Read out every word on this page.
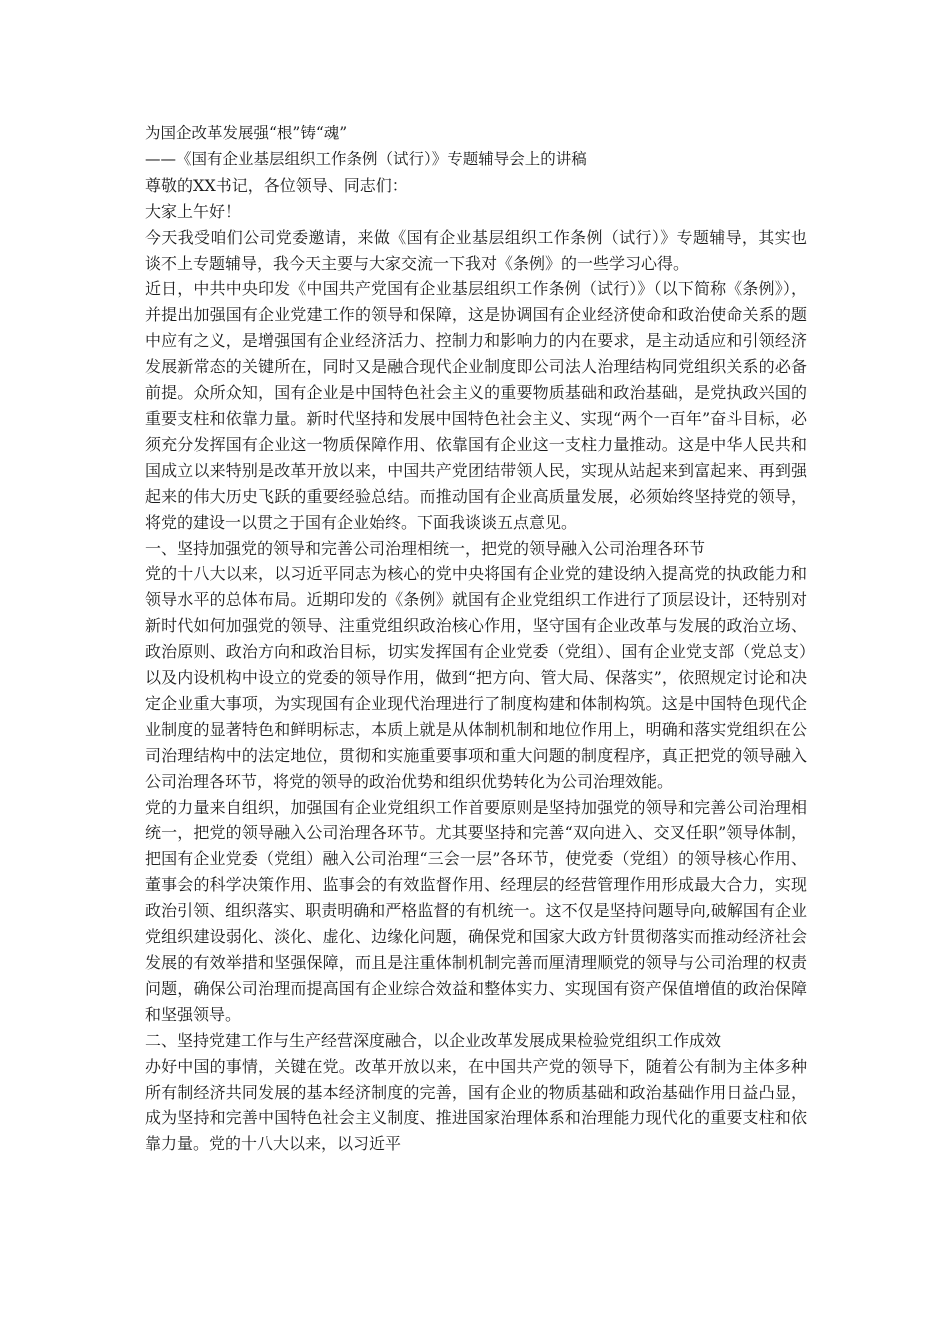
为国企改革发展强“根”铸“魂”

——《国有企业基层组织工作条例（试行）》专题辅导会上的讲稿

尊敬的XX书记，各位领导、同志们：

大家上午好！

今天我受咱们公司党委邀请，来做《国有企业基层组织工作条例（试行）》专题辅导，其实也谈不上专题辅导，我今天主要与大家交流一下我对《条例》的一些学习心得。

近日，中共中央印发《中国共产党国有企业基层组织工作条例（试行）》（以下简称《条例》），并提出加强国有企业党建工作的领导和保障，这是协调国有企业经济使命和政治使命关系的题中应有之义，是增强国有企业经济活力、控制力和影响力的内在要求，是主动适应和引领经济发展新常态的关键所在，同时又是融合现代企业制度即公司法人治理结构同党组织关系的必备前提。众所众知，国有企业是中国特色社会主义的重要物质基础和政治基础，是党执政兴国的重要支柱和依靠力量。新时代坚持和发展中国特色社会主义、实现“两个一百年”奋斗目标，必须充分发挥国有企业这一物质保障作用、依靠国有企业这一支柱力量推动。这是中华人民共和国成立以来特别是改革开放以来，中国共产党团结带领人民，实现从站起来到富起来、再到强起来的伟大历史飞跃的重要经验总结。而推动国有企业高质量发展，必须始终坚持党的领导，将党的建设一以贯之于国有企业始终。下面我谈谈五点意见。

一、坚持加强党的领导和完善公司治理相统一，把党的领导融入公司治理各环节

党的十八大以来，以习近平同志为核心的党中央将国有企业党的建设纳入提高党的执政能力和领导水平的总体布局。近期印发的《条例》就国有企业党组织工作进行了顶层设计，还特别对新时代如何加强党的领导、注重党组织政治核心作用，坚守国有企业改革与发展的政治立场、政治原则、政治方向和政治目标，切实发挥国有企业党委（党组）、国有企业党支部（党总支）以及内设机构中设立的党委的领导作用，做到“把方向、管大局、保落实”，依照规定讨论和决定企业重大事项，为实现国有企业现代治理进行了制度构建和体制构筑。这是中国特色现代企业制度的显著特色和鲜明标志，本质上就是从体制机制和地位作用上，明确和落实党组织在公司治理结构中的法定地位，贯彻和实施重要事项和重大问题的制度程序，真正把党的领导融入公司治理各环节，将党的领导的政治优势和组织优势转化为公司治理效能。

党的力量来自组织，加强国有企业党组织工作首要原则是坚持加强党的领导和完善公司治理相统一，把党的领导融入公司治理各环节。尤其要坚持和完善“双向进入、交叉任职”领导体制，把国有企业党委（党组）融入公司治理“三会一层”各环节，使党委（党组）的领导核心作用、董事会的科学决策作用、监事会的有效监督作用、经理层的经营管理作用形成最大合力，实现政治引领、组织落实、职责明确和严格监督的有机统一。这不仅是坚持问题导向,破解国有企业党组织建设弱化、淡化、虚化、边缘化问题，确保党和国家大政方针贯彻落实而推动经济社会发展的有效举措和坚强保障，而且是注重体制机制完善而厘清理顺党的领导与公司治理的权责问题，确保公司治理而提高国有企业综合效益和整体实力、实现国有资产保值增值的政治保障和坚强领导。

二、坚持党建工作与生产经营深度融合，以企业改革发展成果检验党组织工作成效

办好中国的事情，关键在党。改革开放以来，在中国共产党的领导下，随着公有制为主体多种所有制经济共同发展的基本经济制度的完善，国有企业的物质基础和政治基础作用日益凸显，成为坚持和完善中国特色社会主义制度、推进国家治理体系和治理能力现代化的重要支柱和依靠力量。党的十八大以来，以习近平
